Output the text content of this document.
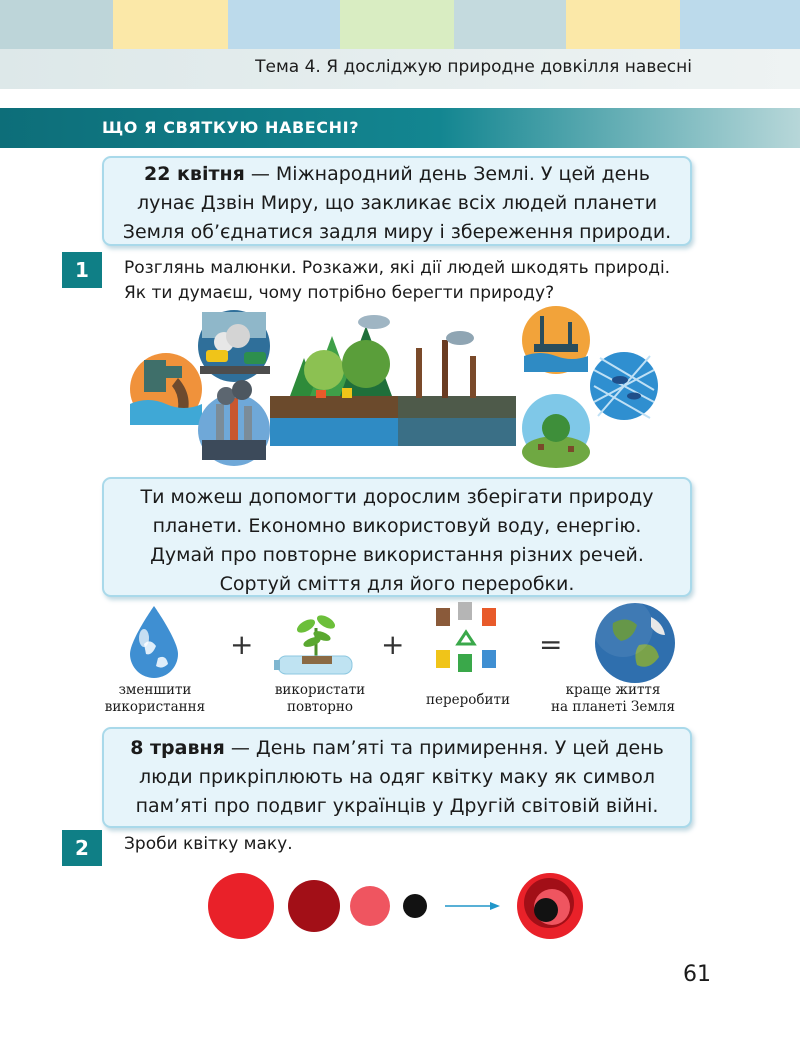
Тема 4. Я досліджую природне довкілля навесні
ЩО Я СВЯТКУЮ НАВЕСНІ?
22 квітня — Міжнародний день Землі. У цей день
лунає Дзвін Миру, що закликає всіх людей планети
Земля об’єднатися задля миру і збереження природи.
1	Розглянь малюнки. Розкажи, які дії людей шкодять природі.
Як ти думаєш, чому потрібно берегти природу?
Ти можеш допомогти дорослим зберігати природу
планети. Економно використовуй воду, енергію.
Думай про повторне використання різних речей.
Сортуй сміття для його переробки.
+	+	=
зменшити
використання
використати
повторно	переробити
краще життя
на планеті Земля
8 травня — День пам’яті та примирення. У цей день
люди прикріплюють на одяг квітку маку як символ
пам’яті про подвиг українців у Другій світовій війні.
2	Зроби квітку маку.
61
